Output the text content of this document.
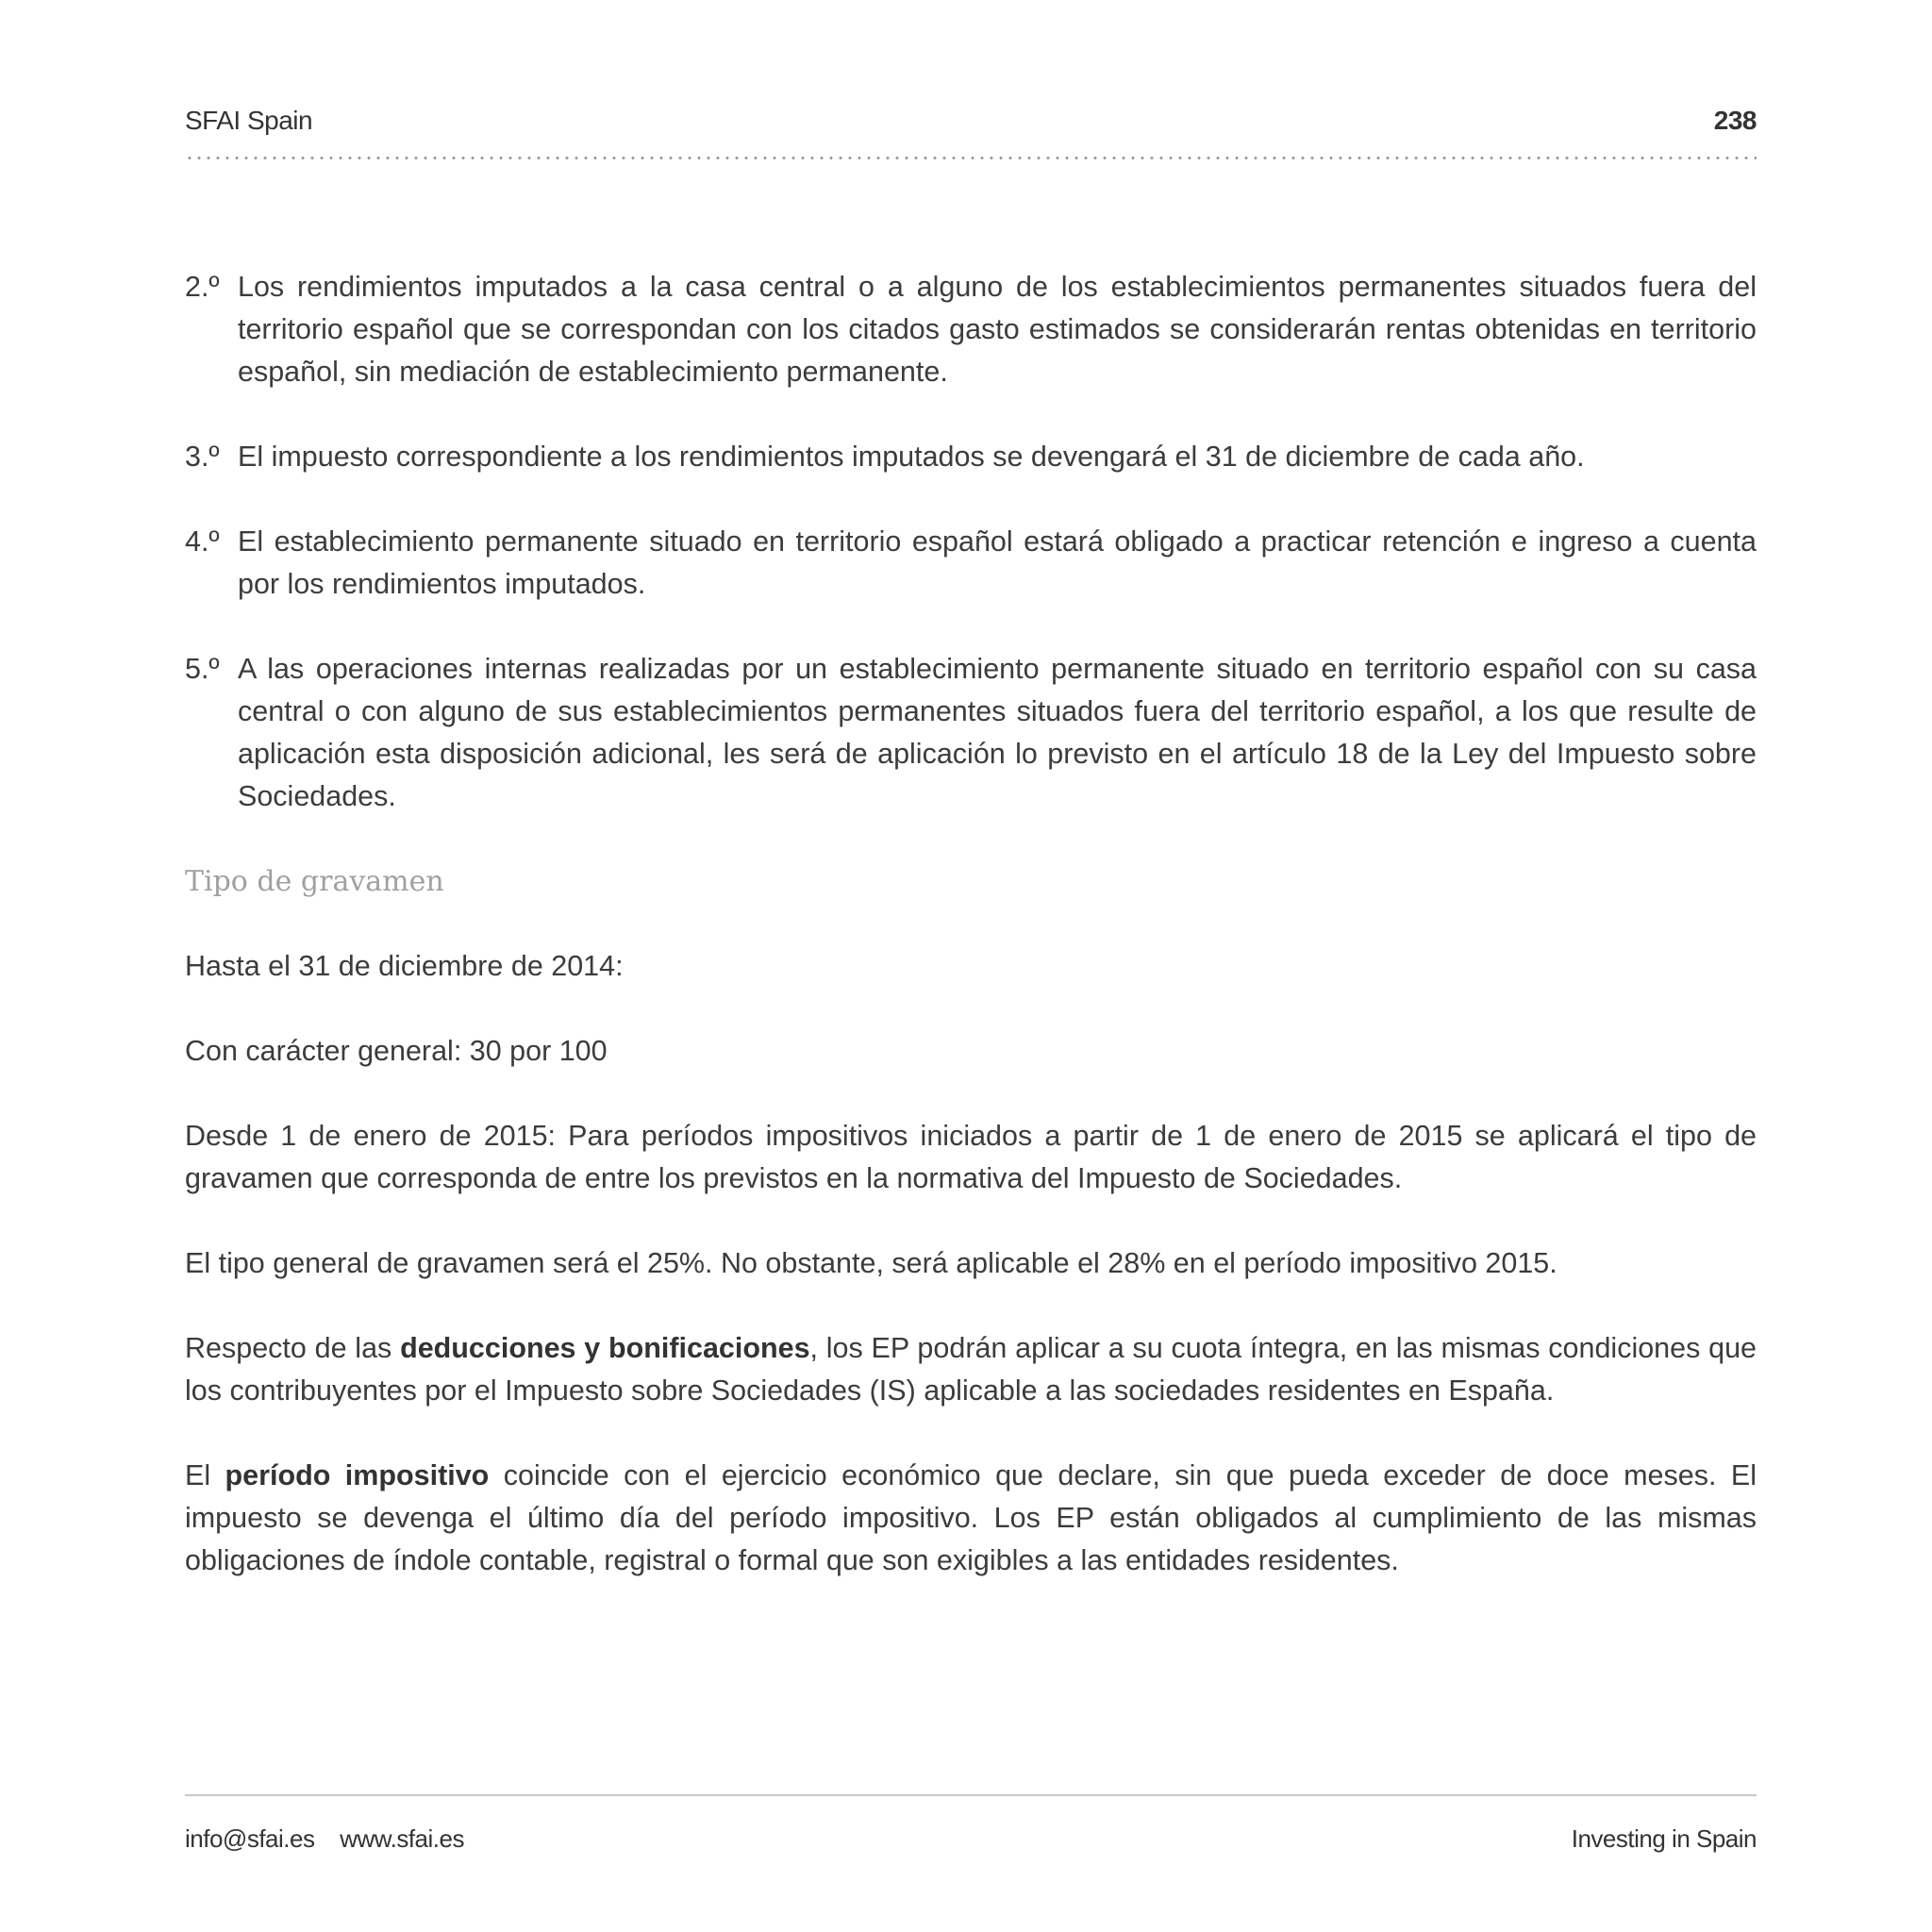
SFAI Spain	238
2.º Los rendimientos imputados a la casa central o a alguno de los establecimientos permanentes situados fuera del territorio español que se correspondan con los citados gasto estimados se considerarán rentas obtenidas en territorio español, sin mediación de establecimiento permanente.
3.º El impuesto correspondiente a los rendimientos imputados se devengará el 31 de diciembre de cada año.
4.º El establecimiento permanente situado en territorio español estará obligado a practicar retención e ingreso a cuenta por los rendimientos imputados.
5.º A las operaciones internas realizadas por un establecimiento permanente situado en territorio español con su casa central o con alguno de sus establecimientos permanentes situados fuera del territorio español, a los que resulte de aplicación esta disposición adicional, les será de aplicación lo previsto en el artículo 18 de la Ley del Impuesto sobre Sociedades.
Tipo de gravamen

Hasta el 31 de diciembre de 2014:

Con carácter general: 30 por 100

Desde 1 de enero de 2015: Para períodos impositivos iniciados a partir de 1 de enero de 2015 se aplicará el tipo de gravamen que corresponda de entre los previstos en la normativa del Impuesto de Sociedades.

El tipo general de gravamen será el 25%. No obstante, será aplicable el 28% en el período impositivo 2015.

Respecto de las deducciones y bonificaciones, los EP podrán aplicar a su cuota íntegra, en las mismas condiciones que los contribuyentes por el Impuesto sobre Sociedades (IS) aplicable a las sociedades residentes en España.

El período impositivo coincide con el ejercicio económico que declare, sin que pueda exceder de doce meses. El impuesto se devenga el último día del período impositivo. Los EP están obligados al cumplimiento de las mismas obligaciones de índole contable, registral o formal que son exigibles a las entidades residentes.

info@sfai.es www.sfai.es	Investing in Spain
